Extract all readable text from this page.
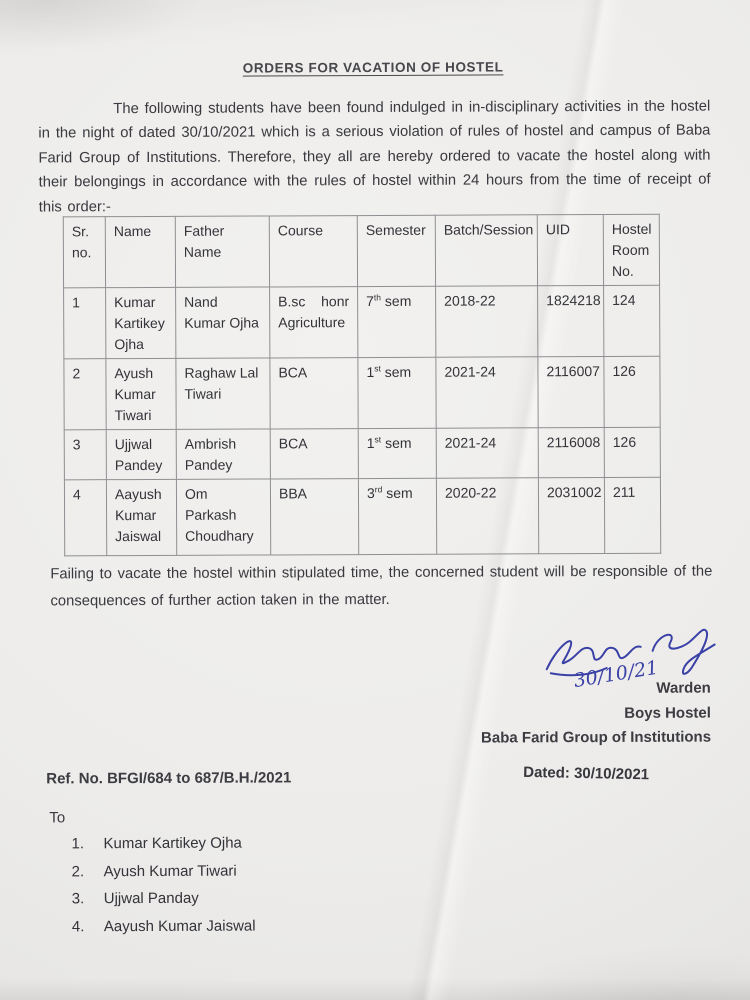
ORDERS FOR VACATION OF HOSTEL

The following students have been found indulged in in-disciplinary activities in the hostel in the night of dated 30/10/2021 which is a serious violation of rules of hostel and campus of Baba Farid Group of Institutions. Therefore, they all are hereby ordered to vacate the hostel along with their belongings in accordance with the rules of hostel within 24 hours from the time of receipt of this order:-

Sr. no.	Name	Father Name	Course	Semester	Batch/Session	UID	Hostel Room No.
1	Kumar Kartikey Ojha	Nand Kumar Ojha	B.sc honr Agriculture	7th sem	2018-22	1824218	124
2	Ayush Kumar Tiwari	Raghaw Lal Tiwari	BCA	1st sem	2021-24	2116007	126
3	Ujjwal Pandey	Ambrish Pandey	BCA	1st sem	2021-24	2116008	126
4	Aayush Kumar Jaiswal	Om Parkash Choudhary	BBA	3rd sem	2020-22	2031002	211

Failing to vacate the hostel within stipulated time, the concerned student will be responsible of the consequences of further action taken in the matter.

30/10/21
Warden
Boys Hostel
Baba Farid Group of Institutions
Ref. No. BFGI/684 to 687/B.H./2021	Dated: 30/10/2021
To
1.	Kumar Kartikey Ojha
2.	Ayush Kumar Tiwari
3.	Ujjwal Panday
4.	Aayush Kumar Jaiswal
